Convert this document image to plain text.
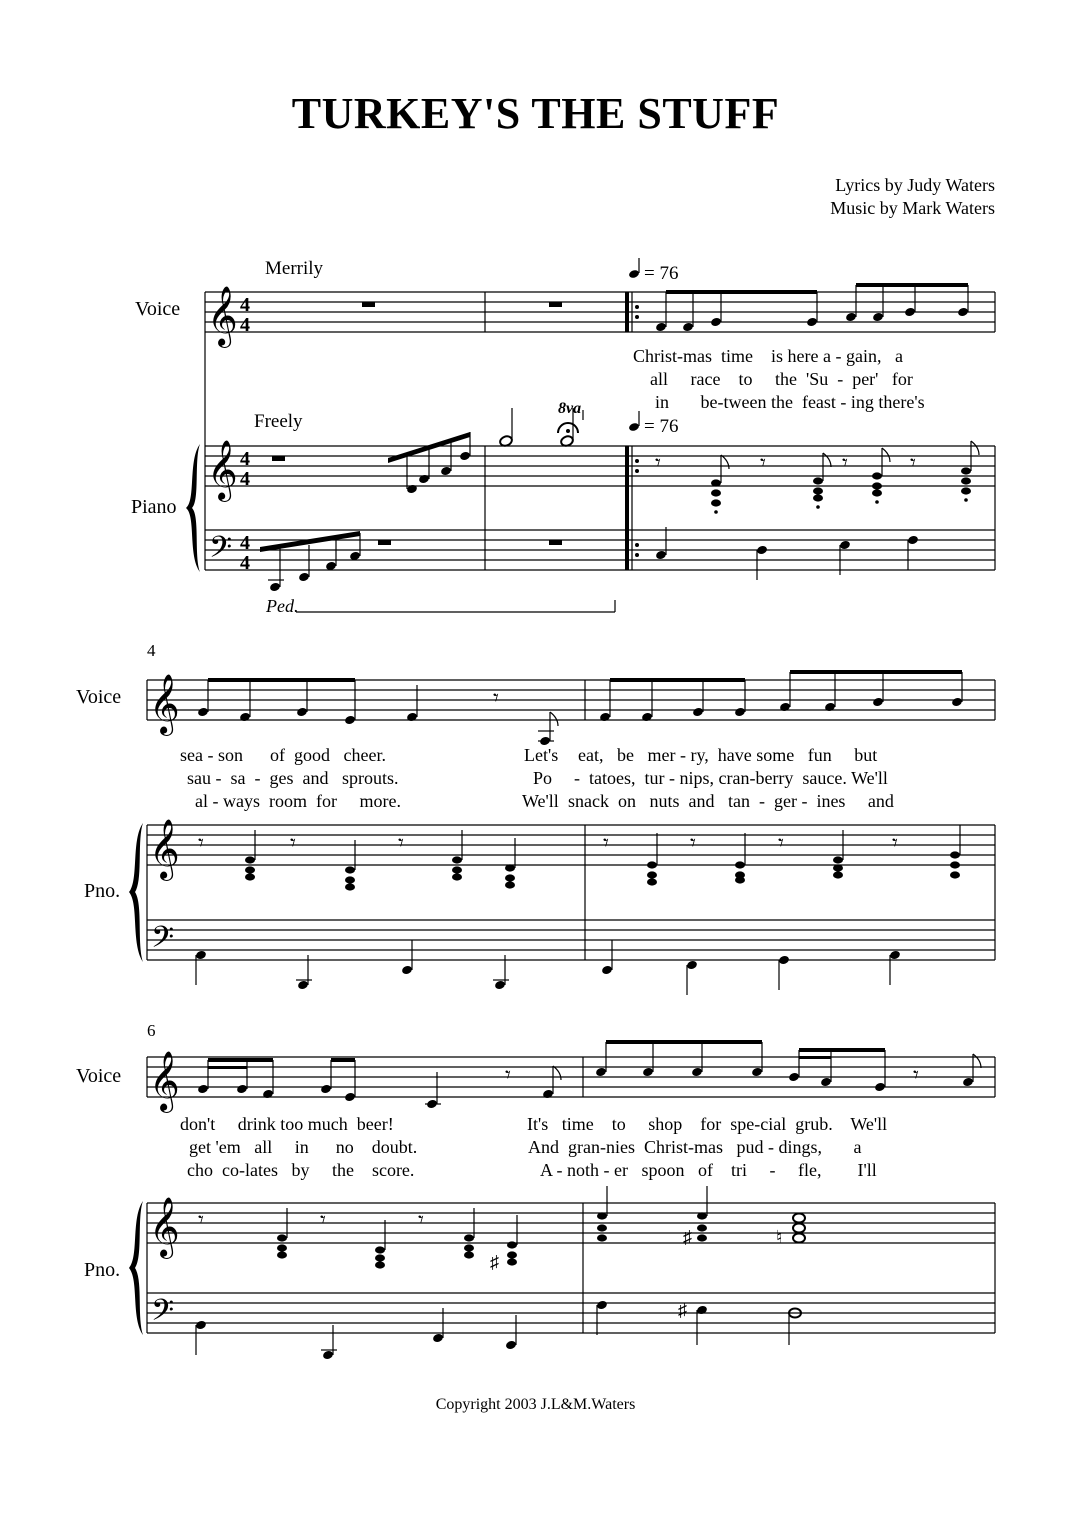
TURKEY'S THE STUFF
Lyrics by Judy Waters
Music by Mark Waters
Voice
Piano
Voice
Pno.
Voice
Pno.
Merrily
Freely
= 76
= 76
8va
Ped.
4
6
Christ-mas  time    is here a - gain,   a
all     race    to     the  'Su  -  per'   for
in       be-tween the  feast - ing there's
sea - son      of  good   cheer.
sau -  sa  -  ges  and   sprouts.
al - ways  room  for     more.
Let's
Po
We'll
eat,   be   mer - ry,  have some   fun     but
-  tatoes,  tur - nips, cran-berry  sauce. We'll
snack  on   nuts  and   tan  -  ger -  ines     and
don't     drink too much  beer!
get 'em   all     in      no    doubt.
cho  co-lates   by     the    score.
It's   time    to     shop    for  spe-cial  grub.    We'll
And  gran-nies  Christ-mas   pud - dings,       a
A - noth - er   spoon   of    tri     -     fle,        I'll
Copyright 2003 J.L&M.Waters
𝄞
𝄞
𝄢
4
4
4
4
4
4
𝄾	𝄾	𝄾	𝄾
𝄞
𝄞
𝄢
𝄾
𝄾	𝄾	𝄾	𝄾	𝄾	𝄾	𝄾
𝄞
𝄞
𝄢
𝄾	𝄾
𝄾	𝄾	𝄾
♯
♯	♮
♯
